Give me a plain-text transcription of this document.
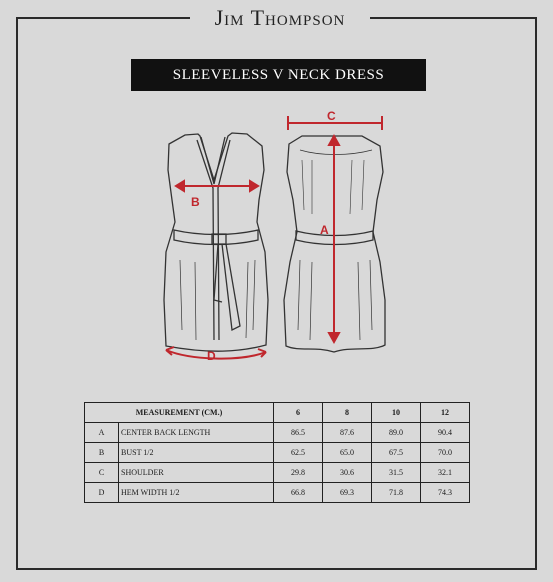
Jim Thompson
SLEEVELESS V NECK DRESS
B
D
C
A
MEASUREMENT (CM.)		6	8	10	12
A	CENTER BACK LENGTH	86.5	87.6	89.0	90.4
B	BUST 1/2	62.5	65.0	67.5	70.0
C	SHOULDER	29.8	30.6	31.5	32.1
D	HEM WIDTH 1/2	66.8	69.3	71.8	74.3
